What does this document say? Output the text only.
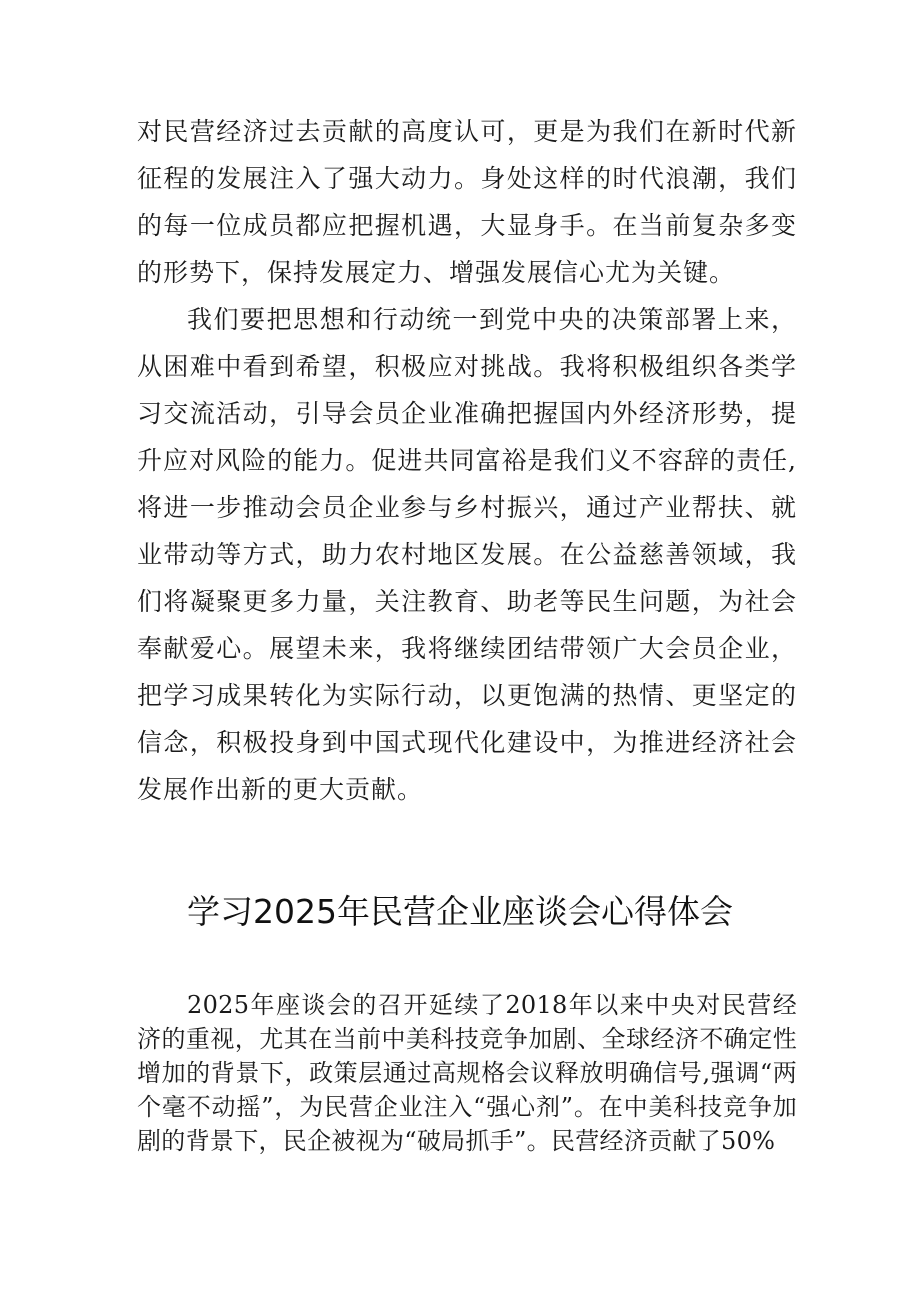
对民营经济过去贡献的高度认可，更是为我们在新时代新征程的发展注入了强大动力。身处这样的时代浪潮，我们的每一位成员都应把握机遇，大显身手。在当前复杂多变的形势下，保持发展定力、增强发展信心尤为关键。

我们要把思想和行动统一到党中央的决策部署上来，从困难中看到希望，积极应对挑战。我将积极组织各类学习交流活动，引导会员企业准确把握国内外经济形势，提升应对风险的能力。促进共同富裕是我们义不容辞的责任,将进一步推动会员企业参与乡村振兴，通过产业帮扶、就业带动等方式，助力农村地区发展。在公益慈善领域，我们将凝聚更多力量，关注教育、助老等民生问题，为社会奉献爱心。展望未来，我将继续团结带领广大会员企业，把学习成果转化为实际行动，以更饱满的热情、更坚定的信念，积极投身到中国式现代化建设中，为推进经济社会发展作出新的更大贡献。

学习2025年民营企业座谈会心得体会

2025年座谈会的召开延续了2018年以来中央对民营经济的重视，尤其在当前中美科技竞争加剧、全球经济不确定性增加的背景下，政策层通过高规格会议释放明确信号,强调“两个毫不动摇”，为民营企业注入“强心剂”。在中美科技竞争加剧的背景下，民企被视为“破局抓手”。民营经济贡献了50%
